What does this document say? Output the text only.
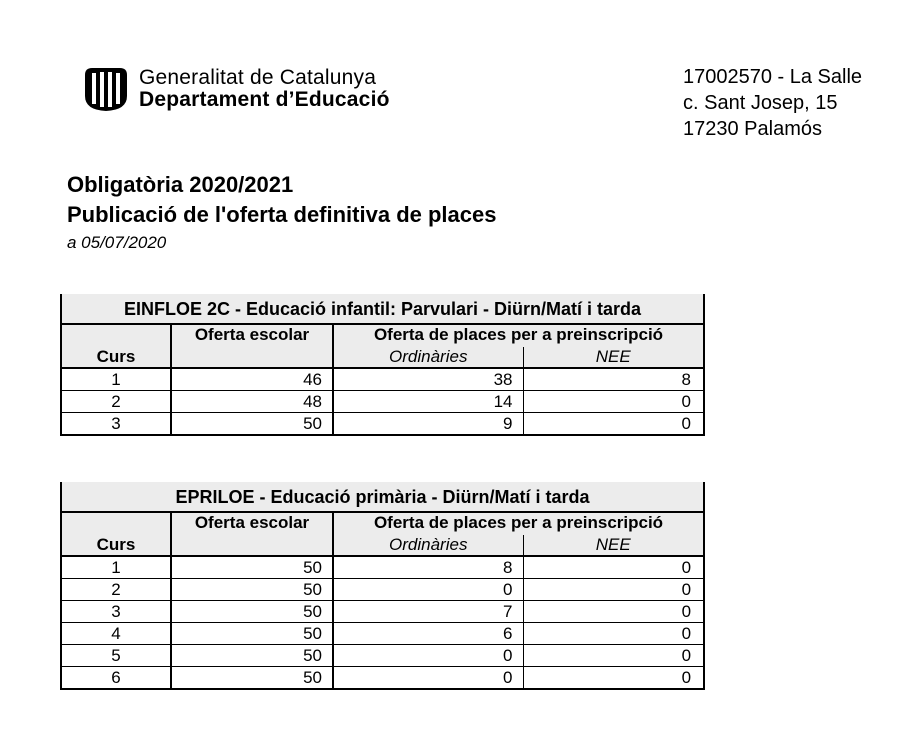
Generalitat de Catalunya
Departament d’Educació
17002570 - La Salle
c. Sant Josep, 15
17230 Palamós
Obligatòria 2020/2021
Publicació de l'oferta definitiva de places
a 05/07/2020
EINFLOE 2C - Educació infantil: Parvulari - Diürn/Matí i tarda			
Curs	Oferta escolar	Oferta de places per a preinscripció	
		Ordinàries	NEE
1	46	38	8
2	48	14	0
3	50	9	0
EPRILOE - Educació primària - Diürn/Matí i tarda			
Curs	Oferta escolar	Oferta de places per a preinscripció	
		Ordinàries	NEE
1	50	8	0
2	50	0	0
3	50	7	0
4	50	6	0
5	50	0	0
6	50	0	0
